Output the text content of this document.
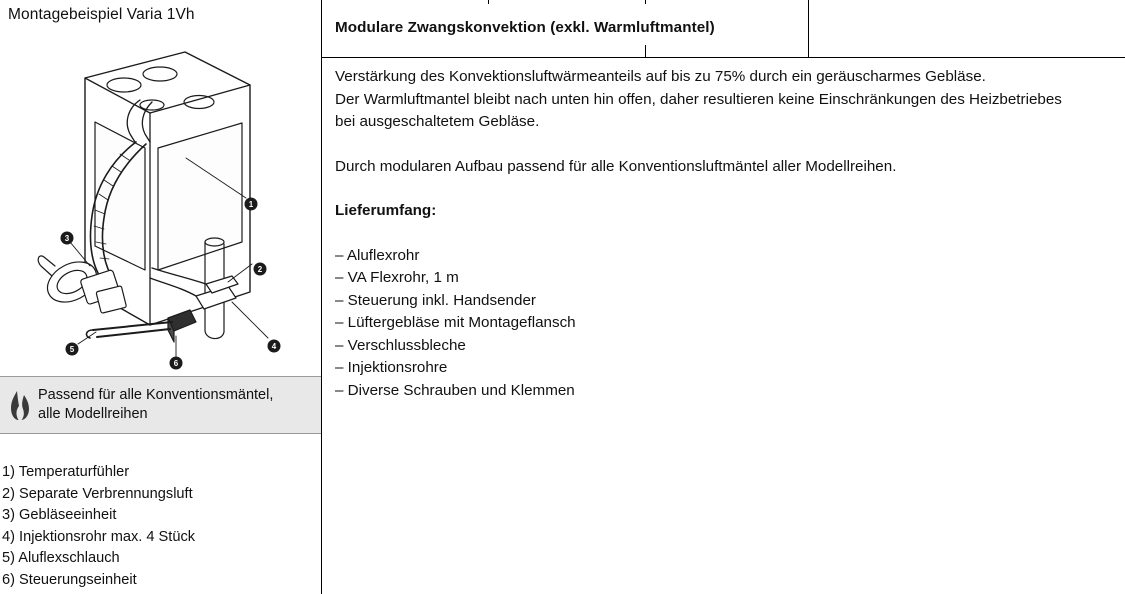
Montagebeispiel Varia 1Vh
1
2
3
4
5
6
Passend für alle Konventionsmäntel,
alle Modellreihen
1) Temperaturfühler
2) Separate Verbrennungsluft
3) Gebläseeinheit
4) Injektionsrohr max. 4 Stück
5) Aluflexschlauch
6) Steuerungseinheit
Modulare Zwangskonvektion (exkl. Warmluftmantel)
Verstärkung des Konvektionsluftwärmeanteils auf bis zu 75% durch ein geräuscharmes Gebläse.
Der Warmluftmantel bleibt nach unten hin offen, daher resultieren keine Einschränkungen des Heizbetriebes
bei ausgeschaltetem Gebläse.
Durch modularen Aufbau passend für alle Konventionsluftmäntel aller Modellreihen.
Lieferumfang:
– Aluflexrohr
– VA Flexrohr, 1 m
– Steuerung inkl. Handsender
– Lüftergebläse mit Montageflansch
– Verschlussbleche
– Injektionsrohre
– Diverse Schrauben und Klemmen
